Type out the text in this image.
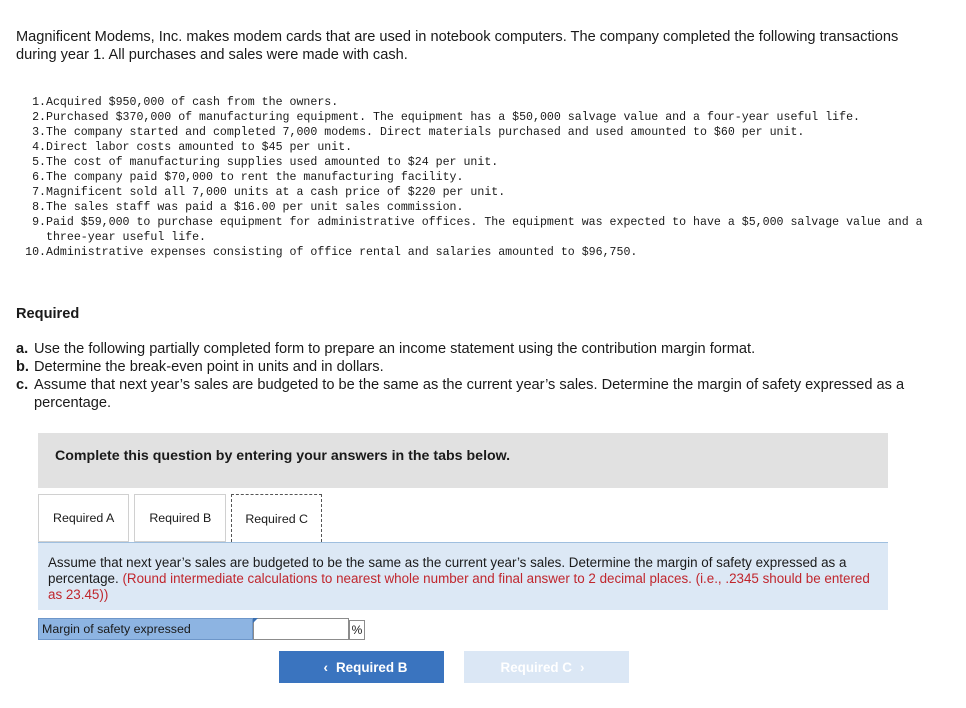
Magnificent Modems, Inc. makes modem cards that are used in notebook computers. The company completed the following transactions during year 1. All purchases and sales were made with cash.
1. Acquired $950,000 of cash from the owners.
2. Purchased $370,000 of manufacturing equipment. The equipment has a $50,000 salvage value and a four-year useful life.
3. The company started and completed 7,000 modems. Direct materials purchased and used amounted to $60 per unit.
4. Direct labor costs amounted to $45 per unit.
5. The cost of manufacturing supplies used amounted to $24 per unit.
6. The company paid $70,000 to rent the manufacturing facility.
7. Magnificent sold all 7,000 units at a cash price of $220 per unit.
8. The sales staff was paid a $16.00 per unit sales commission.
9. Paid $59,000 to purchase equipment for administrative offices. The equipment was expected to have a $5,000 salvage value and a three-year useful life.
10. Administrative expenses consisting of office rental and salaries amounted to $96,750.
Required
a. Use the following partially completed form to prepare an income statement using the contribution margin format.
b. Determine the break-even point in units and in dollars.
c. Assume that next year’s sales are budgeted to be the same as the current year’s sales. Determine the margin of safety expressed as a percentage.
Complete this question by entering your answers in the tabs below.
Required A	Required B	Required C
Assume that next year’s sales are budgeted to be the same as the current year’s sales. Determine the margin of safety expressed as a percentage. (Round intermediate calculations to nearest whole number and final answer to 2 decimal places. (i.e., .2345 should be entered as 23.45))
Margin of safety expressed	%
‹ Required B	Required C ›
